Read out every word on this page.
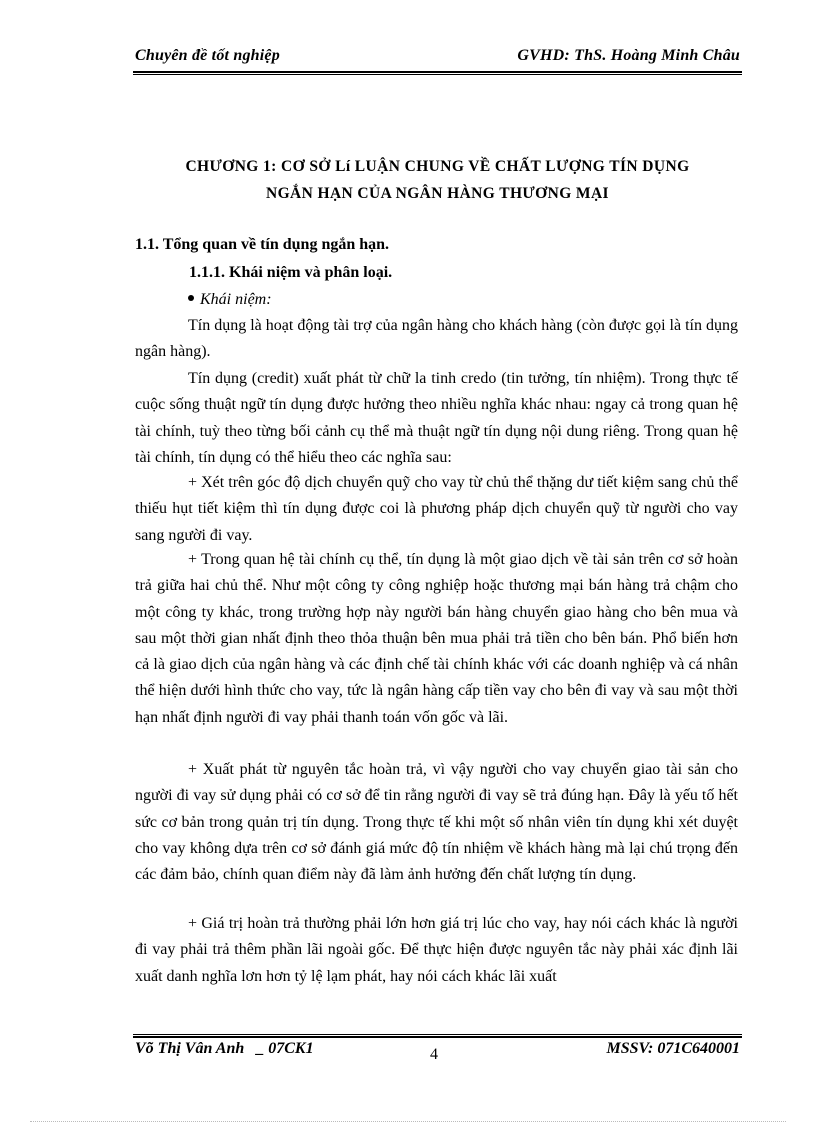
Chuyên đề tốt nghiệp	GVHD: ThS. Hoàng Minh Châu
CHƯƠNG 1: CƠ SỞ Lí LUẬN CHUNG VỀ CHẤT LƯỢNG TÍN DỤNG
NGẮN HẠN CỦA NGÂN HÀNG THƯƠNG MẠI
1.1. Tổng quan về tín dụng ngắn hạn.
1.1.1. Khái niệm và phân loại.
Khái niệm:

Tín dụng là hoạt động tài trợ của ngân hàng cho khách hàng (còn được gọi là tín dụng ngân hàng).

Tín dụng (credit) xuất phát từ chữ la tinh credo (tin tưởng, tín nhiệm). Trong thực tế cuộc sống thuật ngữ tín dụng được hưởng theo nhiều nghĩa khác nhau: ngay cả trong quan hệ tài chính, tuỳ theo từng bối cảnh cụ thể mà thuật ngữ tín dụng nội dung riêng. Trong quan hệ tài chính, tín dụng có thể hiểu theo các nghĩa sau:

+ Xét trên góc độ dịch chuyển quỹ cho vay từ chủ thể thặng dư tiết kiệm sang chủ thể thiếu hụt tiết kiệm thì tín dụng được coi là phương pháp dịch chuyển quỹ từ người cho vay sang người đi vay.

+ Trong quan hệ tài chính cụ thể, tín dụng là một giao dịch về tài sản trên cơ sở hoàn trả giữa hai chủ thể. Như một công ty công nghiệp hoặc thương mại bán hàng trả chậm cho một công ty khác, trong trường hợp này người bán hàng chuyển giao hàng cho bên mua và sau một thời gian nhất định theo thỏa thuận bên mua phải trả tiền cho bên bán. Phổ biến hơn cả là giao dịch của ngân hàng và các định chế tài chính khác với các doanh nghiệp và cá nhân thể hiện dưới hình thức cho vay, tức là ngân hàng cấp tiền vay cho bên đi vay và sau một thời hạn nhất định người đi vay phải thanh toán vốn gốc và lãi.

+ Xuất phát từ nguyên tắc hoàn trả, vì vậy người cho vay chuyển giao tài sản cho người đi vay sử dụng phải có cơ sở để tin rằng người đi vay sẽ trả đúng hạn. Đây là yếu tố hết sức cơ bản trong quản trị tín dụng. Trong thực tế khi một số nhân viên tín dụng khi xét duyệt cho vay không dựa trên cơ sở đánh giá mức độ tín nhiệm về khách hàng mà lại chú trọng đến các đảm bảo, chính quan điểm này đã làm ảnh hưởng đến chất lượng tín dụng.

+ Giá trị hoàn trả thường phải lớn hơn giá trị lúc cho vay, hay nói cách khác là người đi vay phải trả thêm phần lãi ngoài gốc. Để thực hiện được nguyên tắc này phải xác định lãi xuất danh nghĩa lơn hơn tỷ lệ lạm phát, hay nói cách khác lãi xuất

Võ Thị Vân Anh   _ 07CK1	4	MSSV: 071C640001
